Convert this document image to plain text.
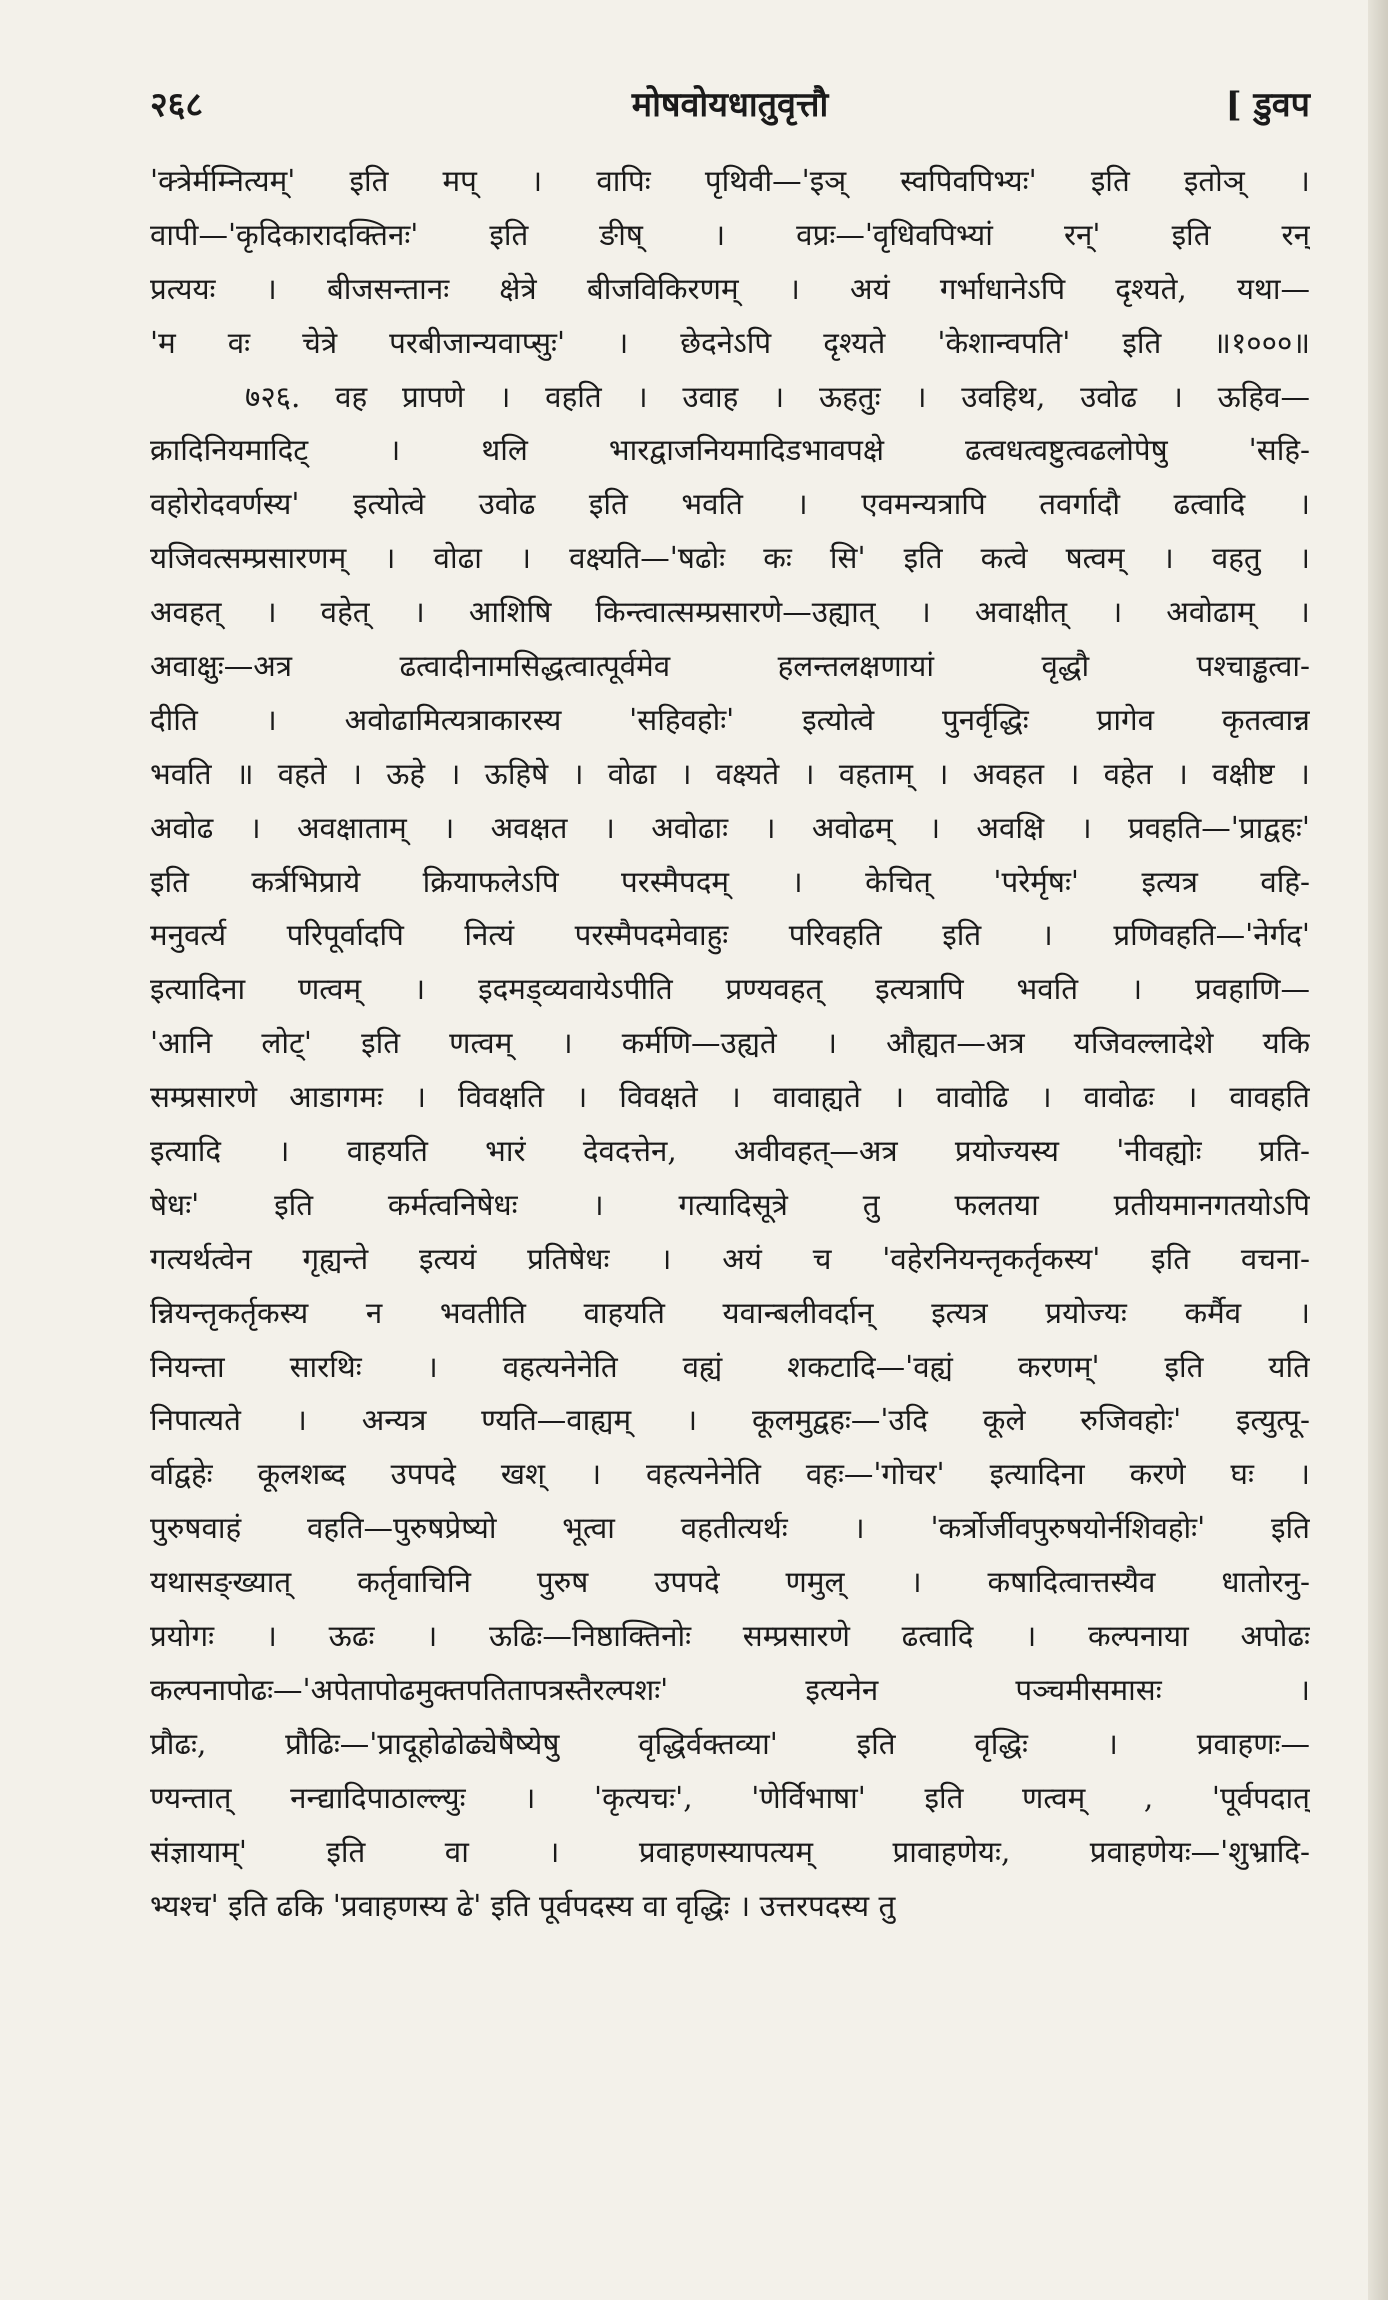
२६८	मोषवोयधातुवृत्तौ	[ डुवप
'क्त्रेर्मम्नित्यम्' इति मप् । वापिः पृथिवी—'इञ् स्वपिवपिभ्यः' इति इतोञ् ।
वापी—'कृदिकारादक्तिनः' इति ङीष् । वप्रः—'वृधिवपिभ्यां रन्' इति रन्
प्रत्ययः । बीजसन्तानः क्षेत्रे बीजविकिरणम् । अयं गर्भाधानेऽपि दृश्यते, यथा—
'म वः चेत्रे परबीजान्यवाप्सुः' । छेदनेऽपि दृश्यते 'केशान्वपति' इति ॥१०००॥
७२६. वह प्रापणे । वहति । उवाह । ऊहतुः । उवहिथ, उवोढ । ऊहिव—
क्रादिनियमादिट् । थलि भारद्वाजनियमादिडभावपक्षे ढत्वधत्वष्टुत्वढलोपेषु 'सहि-
वहोरोदवर्णस्य' इत्योत्वे उवोढ इति भवति । एवमन्यत्रापि तवर्गादौ ढत्वादि ।
यजिवत्सम्प्रसारणम् । वोढा । वक्ष्यति—'षढोः कः सि' इति कत्वे षत्वम् । वहतु ।
अवहत् । वहेत् । आशिषि किन्त्वात्सम्प्रसारणे—उह्यात् । अवाक्षीत् । अवोढाम् ।
अवाक्षुः—अत्र ढत्वादीनामसिद्धत्वात्पूर्वमेव हलन्तलक्षणायां वृद्धौ पश्चाड्ढत्वा-
दीति । अवोढामित्यत्राकारस्य 'सहिवहोः' इत्योत्वे पुनर्वृद्धिः प्रागेव कृतत्वान्न
भवति ॥ वहते । ऊहे । ऊहिषे । वोढा । वक्ष्यते । वहताम् । अवहत । वहेत । वक्षीष्ट ।
अवोढ । अवक्षाताम् । अवक्षत । अवोढाः । अवोढम् । अवक्षि । प्रवहति—'प्राद्वहः'
इति कर्त्रभिप्राये क्रियाफलेऽपि परस्मैपदम् । केचित् 'परेर्मृषः' इत्यत्र वहि-
मनुवर्त्य परिपूर्वादपि नित्यं परस्मैपदमेवाहुः परिवहति इति । प्रणिवहति—'नेर्गद'
इत्यादिना णत्वम् । इदमड्व्यवायेऽपीति प्रण्यवहत् इत्यत्रापि भवति । प्रवहाणि—
'आनि लोट्' इति णत्वम् । कर्मणि—उह्यते । औह्यत—अत्र यजिवल्लादेशे यकि
सम्प्रसारणे आडागमः । विवक्षति । विवक्षते । वावाह्यते । वावोढि । वावोढः । वावहति
इत्यादि । वाहयति भारं देवदत्तेन, अवीवहत्—अत्र प्रयोज्यस्य 'नीवह्योः प्रति-
षेधः' इति कर्मत्वनिषेधः । गत्यादिसूत्रे तु फलतया प्रतीयमानगतयोऽपि
गत्यर्थत्वेन गृह्यन्ते इत्ययं प्रतिषेधः । अयं च 'वहेरनियन्तृकर्तृकस्य' इति वचना-
न्नियन्तृकर्तृकस्य न भवतीति वाहयति यवान्बलीवर्दान् इत्यत्र प्रयोज्यः कर्मैव ।
नियन्ता सारथिः । वहत्यनेनेति वह्यं शकटादि—'वह्यं करणम्' इति यति
निपात्यते । अन्यत्र ण्यति—वाह्यम् । कूलमुद्वहः—'उदि कूले रुजिवहोः' इत्युत्पू-
र्वाद्वहेः कूलशब्द उपपदे खश् । वहत्यनेनेति वहः—'गोचर' इत्यादिना करणे घः ।
पुरुषवाहं वहति—पुरुषप्रेष्यो भूत्वा वहतीत्यर्थः । 'कर्त्रोर्जीवपुरुषयोर्नशिवहोः' इति
यथासङ्ख्यात् कर्तृवाचिनि पुरुष उपपदे णमुल् । कषादित्वात्तस्यैव धातोरनु-
प्रयोगः । ऊढः । ऊढिः—निष्ठाक्तिनोः सम्प्रसारणे ढत्वादि । कल्पनाया अपोढः
कल्पनापोढः—'अपेतापोढमुक्तपतितापत्रस्तैरल्पशः' इत्यनेन पञ्चमीसमासः ।
प्रौढः, प्रौढिः—'प्रादूहोढोढ्येषैष्येषु वृद्धिर्वक्तव्या' इति वृद्धिः । प्रवाहणः—
ण्यन्तात् नन्द्यादिपाठाल्ल्युः । 'कृत्यचः', 'णेर्विभाषा' इति णत्वम् , 'पूर्वपदात्
संज्ञायाम्' इति वा । प्रवाहणस्यापत्यम् प्रावाहणेयः, प्रवाहणेयः—'शुभ्रादि-
भ्यश्च' इति ढकि 'प्रवाहणस्य ढे' इति पूर्वपदस्य वा वृद्धिः । उत्तरपदस्य तु
